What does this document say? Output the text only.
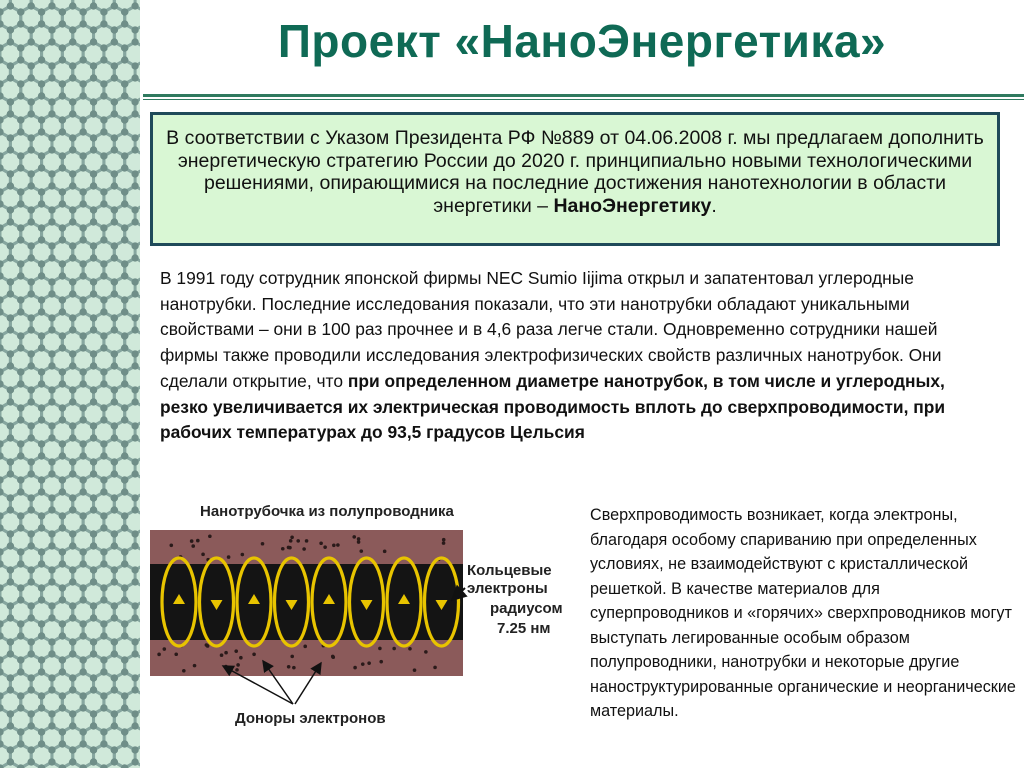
Проект «НаноЭнергетика»
В соответствии с Указом Президента РФ №889 от 04.06.2008 г. мы предлагаем дополнить энергетическую стратегию России до 2020 г. принципиально новыми технологическими решениями, опирающимися на последние достижения нанотехнологии в области энергетики – НаноЭнергетику.
В 1991 году сотрудник японской фирмы NEC Sumio Iijima открыл и запатентовал углеродные нанотрубки. Последние исследования показали, что эти нанотрубки обладают уникальными свойствами – они в 100 раз прочнее и в 4,6 раза легче стали. Одновременно сотрудники нашей фирмы также проводили исследования электрофизических свойств различных нанотрубок. Они сделали открытие, что при определенном диаметре нанотрубок, в том числе и углеродных, резко увеличивается их электрическая проводимость вплоть до сверхпроводимости, при рабочих температурах до 93,5 градусов Цельсия
Нанотрубочка из полупроводника
Кольцевые
электроны
радиусом
7.25 нм
Доноры электронов
Сверхпроводимость возникает, когда электроны, благодаря особому спариванию при определенных условиях, не взаимодействуют с кристаллической решеткой. В качестве материалов для суперпроводников и «горячих» сверхпроводников могут выступать легированные особым образом полупроводники, нанотрубки и некоторые другие наноструктурированные органические и неорганические материалы.
